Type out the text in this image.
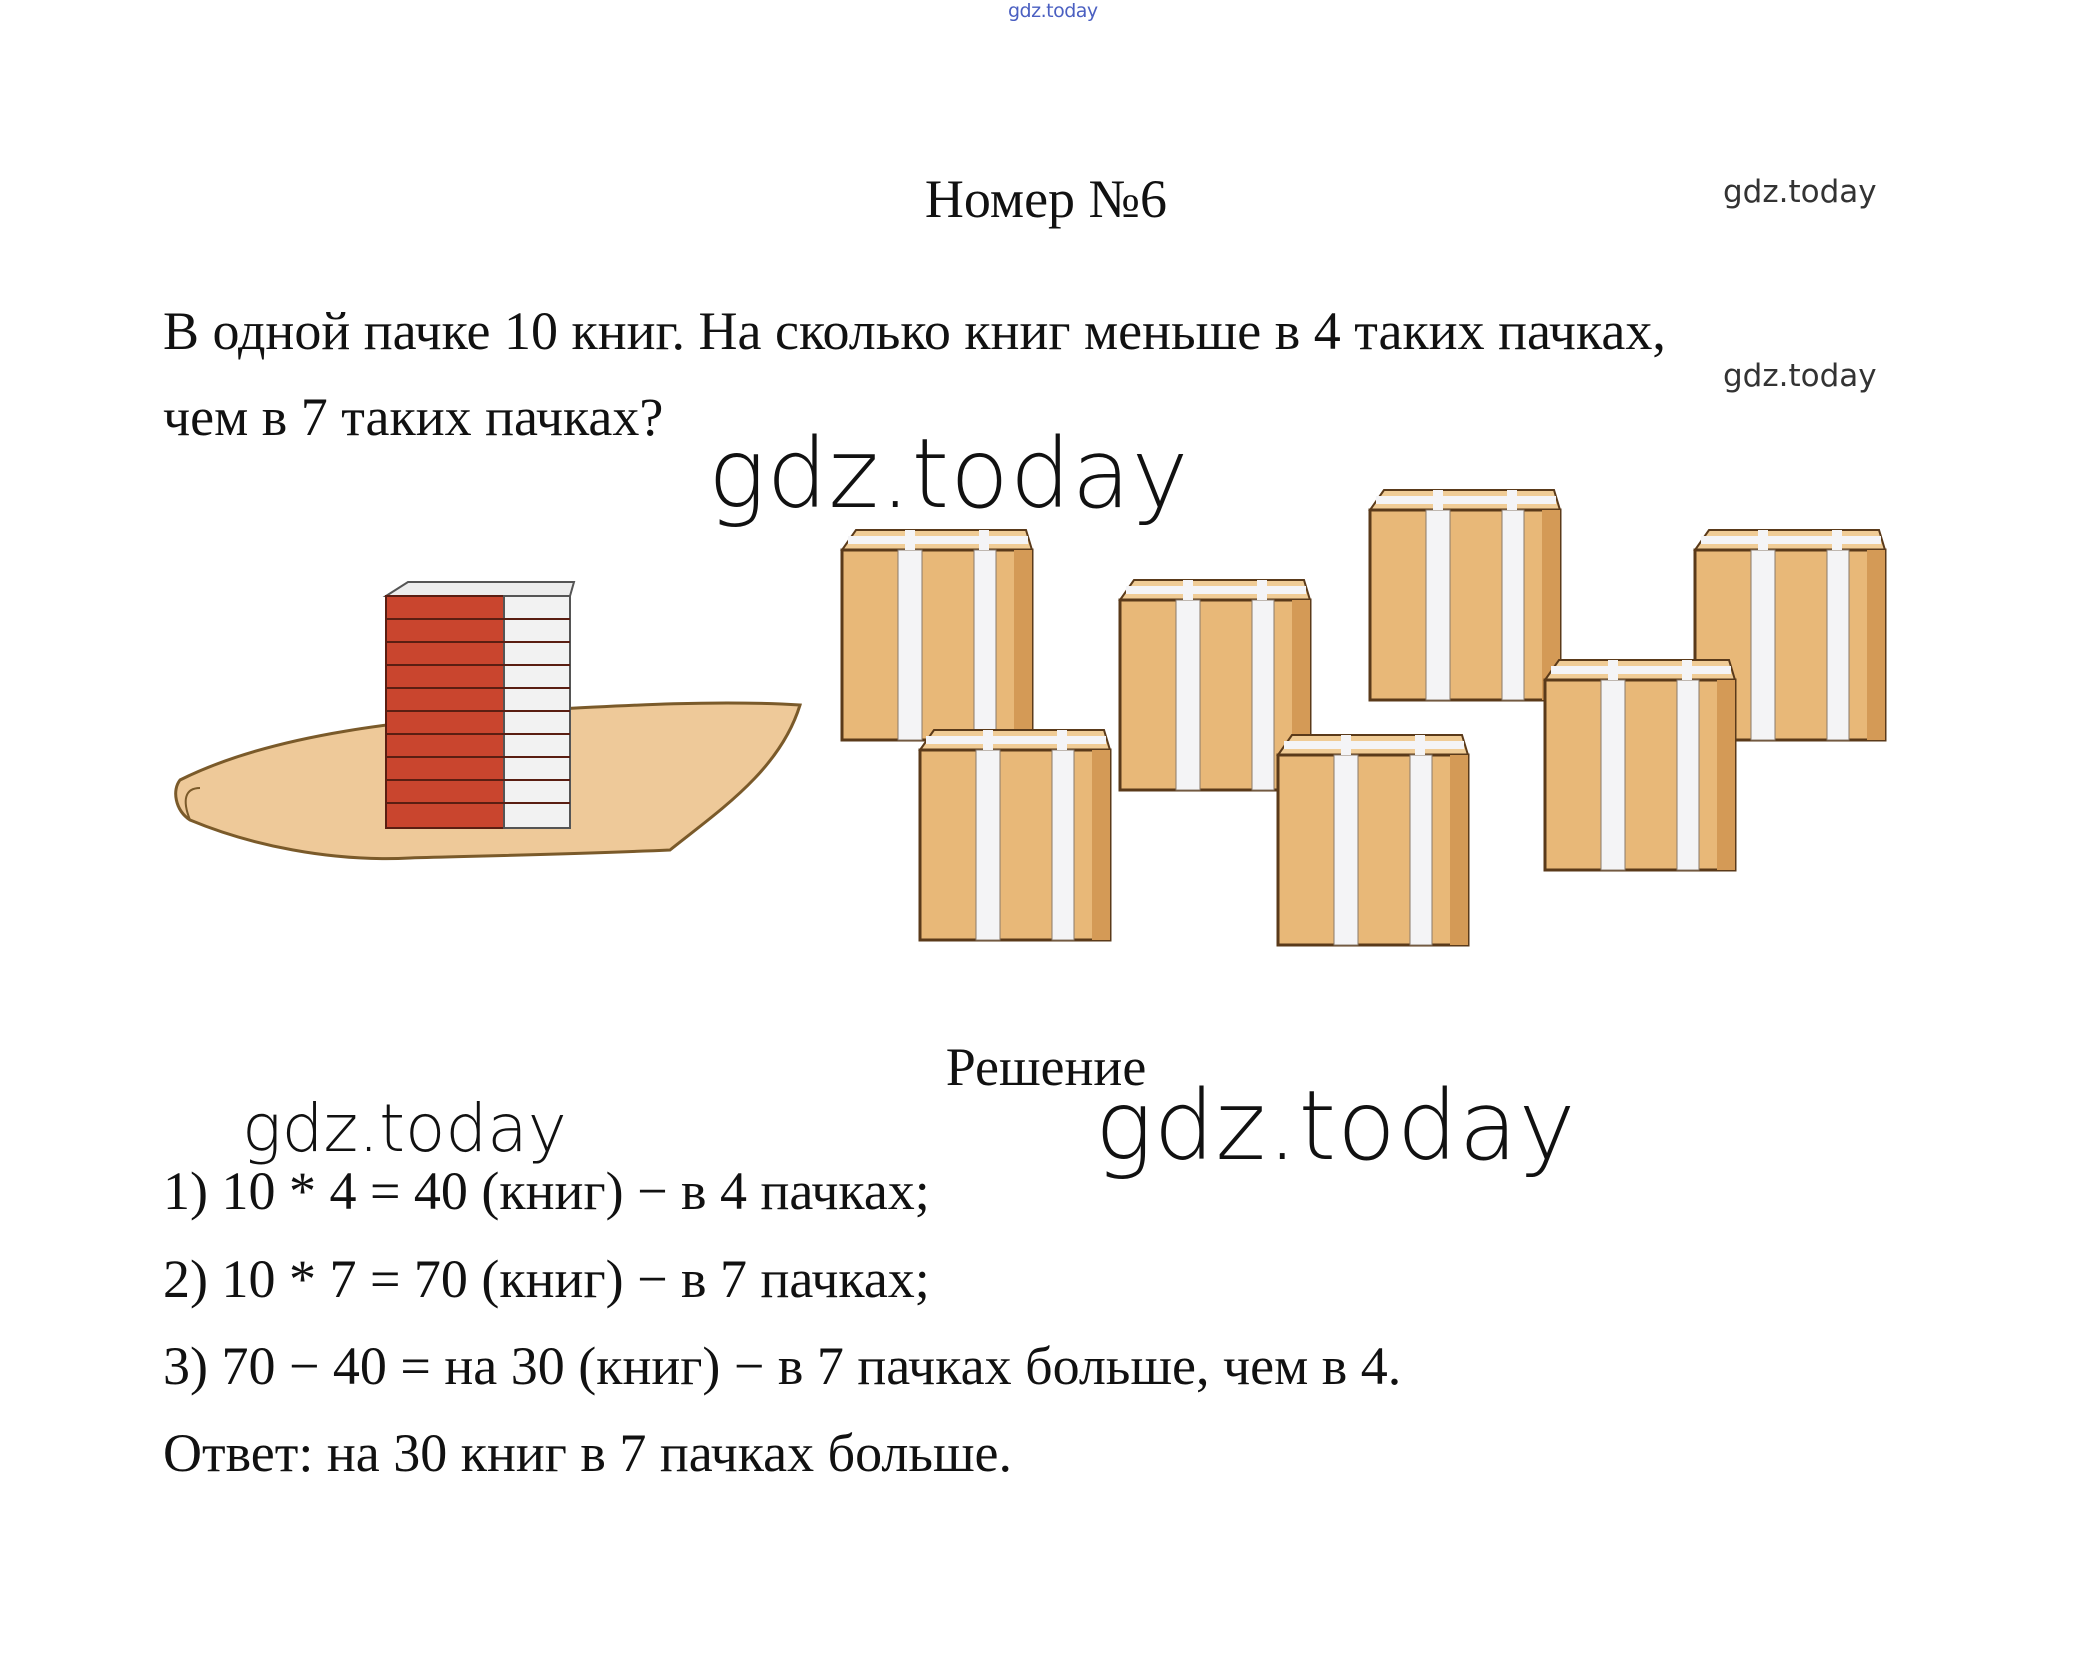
gdz.today
gdz.today
gdz.today
Номер №6
В одной пачке 10 книг. На сколько книг меньше в 4 таких пачках,
чем в 7 таких пачках?
gdz.today
Решение
gdz.today	gdz.today
1) 10 * 4 = 40 (книг) − в 4 пачках;
2) 10 * 7 = 70 (книг) − в 7 пачках;
3) 70 − 40 = на 30 (книг) − в 7 пачках больше, чем в 4.
Ответ: на 30 книг в 7 пачках больше.
